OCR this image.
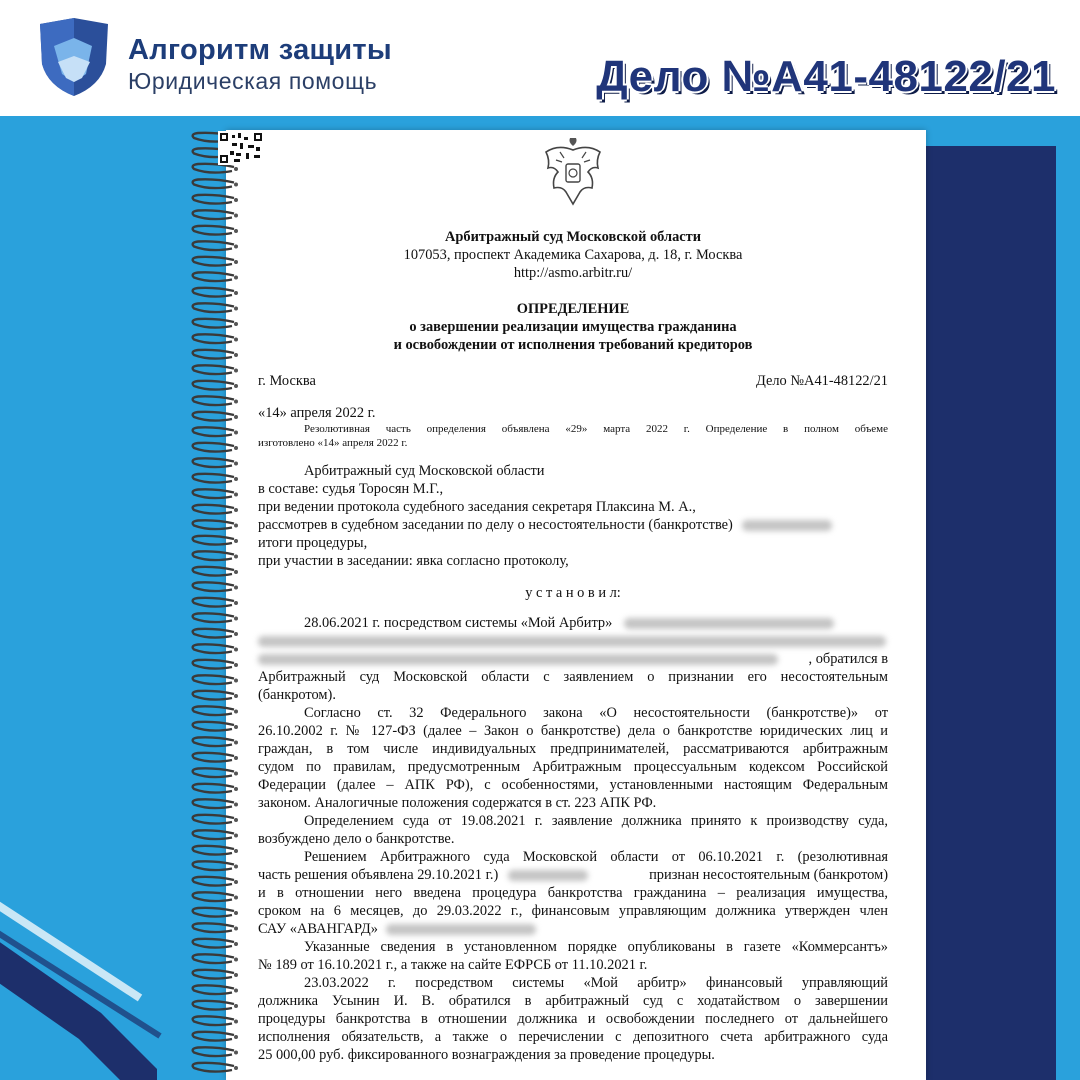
Алгоритм защиты
Юридическая помощь	Дело №А41-48122/21
Арбитражный суд Московской области
107053, проспект Академика Сахарова, д. 18, г. Москва
http://asmo.arbitr.ru/
ОПРЕДЕЛЕНИЕ
о завершении реализации имущества гражданина
и освобождении от исполнения требований кредиторов
г. Москва	Дело №А41-48122/21
«14» апреля 2022 г.
Резолютивная часть определения объявлена «29» марта 2022 г. Определение в полном объеме
изготовлено «14» апреля 2022 г.
Арбитражный суд Московской области
в составе: судья Торосян М.Г.,
при ведении протокола судебного заседания секретаря Плаксина М. А.,
рассмотрев в судебном заседании по делу о несостоятельности (банкротстве)
итоги процедуры,
при участии в заседании: явка согласно протоколу,
у с т а н о в и л:
28.06.2021 г. посредством системы «Мой Арбитр»
, обратился в
Арбитражный суд Московской области с заявлением о признании его несостоятельным
(банкротом).
Согласно ст. 32 Федерального закона «О несостоятельности (банкротстве)» от
26.10.2002 г. № 127-ФЗ (далее – Закон о банкротстве) дела о банкротстве юридических лиц и
граждан, в том числе индивидуальных предпринимателей, рассматриваются арбитражным
судом по правилам, предусмотренным Арбитражным процессуальным кодексом Российской
Федерации (далее – АПК РФ), с особенностями, установленными настоящим Федеральным
законом. Аналогичные положения содержатся в ст. 223 АПК РФ.
Определением суда от 19.08.2021 г. заявление должника принято к производству суда,
возбуждено дело о банкротстве.
Решением Арбитражного суда Московской области от 06.10.2021 г. (резолютивная
часть решения объявлена 29.10.2021 г.)	признан несостоятельным (банкротом)
и в отношении него введена процедура банкротства гражданина – реализация имущества,
сроком на 6 месяцев, до 29.03.2022 г., финансовым управляющим должника утвержден член
САУ «АВАНГАРД»
Указанные сведения в установленном порядке опубликованы в газете «Коммерсантъ»
№ 189 от 16.10.2021 г., а также на сайте ЕФРСБ от 11.10.2021 г.
23.03.2022 г. посредством системы «Мой арбитр» финансовый управляющий
должника Усынин И. В. обратился в арбитражный суд с ходатайством о завершении
процедуры банкротства в отношении должника и освобождении последнего от дальнейшего
исполнения обязательств, а также о перечислении с депозитного счета арбитражного суда
25 000,00 руб. фиксированного вознаграждения за проведение процедуры.
